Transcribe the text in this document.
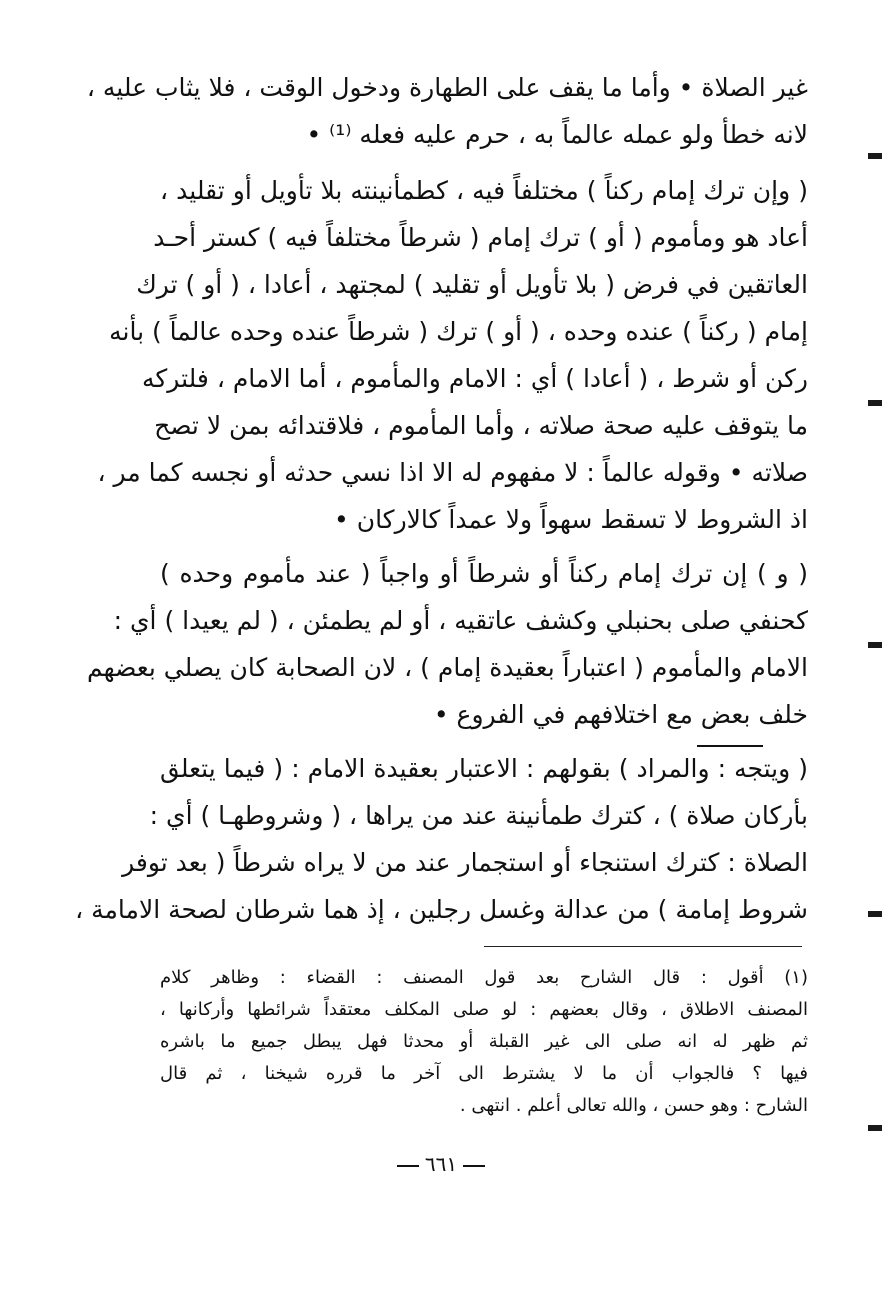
غير الصلاة • وأما ما يقف على الطهارة ودخول الوقت ، فلا يثاب عليه ،
لانه خطأ ولو عمله عالماً به ، حرم عليه فعله ⁽¹⁾ •
( وإن ترك إمام ركناً ) مختلفاً فيه ، كطمأنينته بلا تأويل أو تقليد ،
أعاد هو ومأموم ( أو ) ترك إمام ( شرطاً مختلفاً فيه ) كستر أحـد
العاتقين في فرض ( بلا تأويل أو تقليد ) لمجتهد ، أعادا ، ( أو ) ترك
إمام ( ركناً ) عنده وحده ، ( أو ) ترك ( شرطاً عنده وحده عالماً ) بأنه
ركن أو شرط ، ( أعادا ) أي : الامام والمأموم ، أما الامام ، فلتركه
ما يتوقف عليه صحة صلاته ، وأما المأموم ، فلاقتدائه بمن لا تصح
صلاته • وقوله عالماً : لا مفهوم له الا اذا نسي حدثه أو نجسه كما مر ،
اذ الشروط لا تسقط سهواً ولا عمداً كالاركان •
( و ) إن ترك إمام ركناً أو شرطاً أو واجباً ( عند مأموم وحده )
كحنفي صلى بحنبلي وكشف عاتقيه ، أو لم يطمئن ، ( لم يعيدا ) أي :
الامام والمأموم ( اعتباراً بعقيدة إمام ) ، لان الصحابة كان يصلي بعضهم
خلف بعض مع اختلافهم في الفروع •
( ويتجه : والمراد ) بقولهم : الاعتبار بعقيدة الامام : ( فيما يتعلق
بأركان صلاة ) ، كترك طمأنينة عند من يراها ، ( وشروطهـا ) أي :
الصلاة : كترك استنجاء أو استجمار عند من لا يراه شرطاً ( بعد توفر
شروط إمامة ) من عدالة وغسل رجلين ، إذ هما شرطان لصحة الامامة ،
(١) أقول : قال الشارح بعد قول المصنف : القضاء : وظاهر كلام
المصنف الاطلاق ، وقال بعضهم : لو صلى المكلف معتقداً شرائطها وأركانها ،
ثم ظهر له انه صلى الى غير القبلة أو محدثا فهل يبطل جميع ما باشره
فيها ؟ فالجواب أن ما لا يشترط الى آخر ما قرره شيخنا ، ثم قال
الشارح : وهو حسن ، والله تعالى أعلم . انتهى .
٦٦١
